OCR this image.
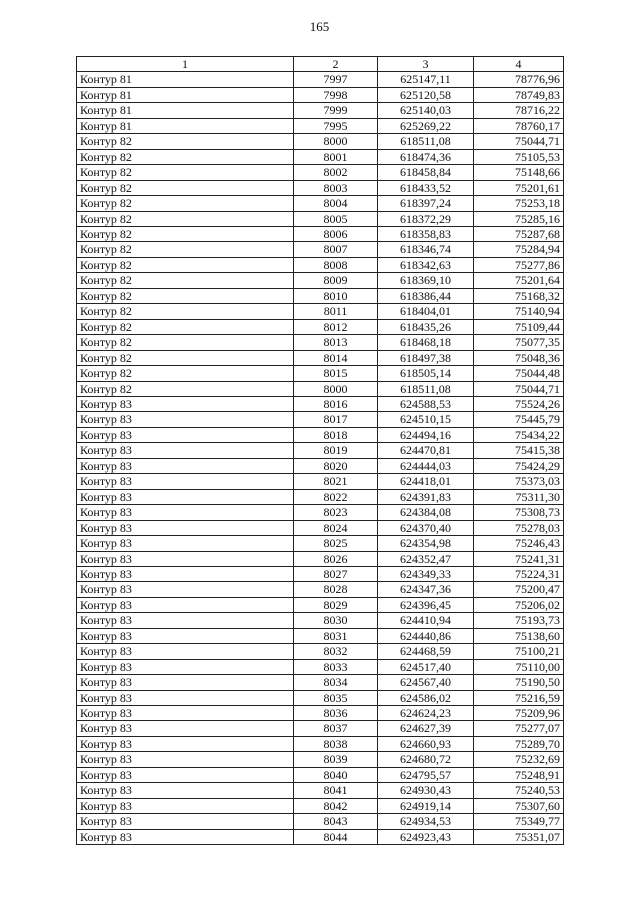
165
1	2	3	4
Контур 81	7997	625147,11	78776,96
Контур 81	7998	625120,58	78749,83
Контур 81	7999	625140,03	78716,22
Контур 81	7995	625269,22	78760,17
Контур 82	8000	618511,08	75044,71
Контур 82	8001	618474,36	75105,53
Контур 82	8002	618458,84	75148,66
Контур 82	8003	618433,52	75201,61
Контур 82	8004	618397,24	75253,18
Контур 82	8005	618372,29	75285,16
Контур 82	8006	618358,83	75287,68
Контур 82	8007	618346,74	75284,94
Контур 82	8008	618342,63	75277,86
Контур 82	8009	618369,10	75201,64
Контур 82	8010	618386,44	75168,32
Контур 82	8011	618404,01	75140,94
Контур 82	8012	618435,26	75109,44
Контур 82	8013	618468,18	75077,35
Контур 82	8014	618497,38	75048,36
Контур 82	8015	618505,14	75044,48
Контур 82	8000	618511,08	75044,71
Контур 83	8016	624588,53	75524,26
Контур 83	8017	624510,15	75445,79
Контур 83	8018	624494,16	75434,22
Контур 83	8019	624470,81	75415,38
Контур 83	8020	624444,03	75424,29
Контур 83	8021	624418,01	75373,03
Контур 83	8022	624391,83	75311,30
Контур 83	8023	624384,08	75308,73
Контур 83	8024	624370,40	75278,03
Контур 83	8025	624354,98	75246,43
Контур 83	8026	624352,47	75241,31
Контур 83	8027	624349,33	75224,31
Контур 83	8028	624347,36	75200,47
Контур 83	8029	624396,45	75206,02
Контур 83	8030	624410,94	75193,73
Контур 83	8031	624440,86	75138,60
Контур 83	8032	624468,59	75100,21
Контур 83	8033	624517,40	75110,00
Контур 83	8034	624567,40	75190,50
Контур 83	8035	624586,02	75216,59
Контур 83	8036	624624,23	75209,96
Контур 83	8037	624627,39	75277,07
Контур 83	8038	624660,93	75289,70
Контур 83	8039	624680,72	75232,69
Контур 83	8040	624795,57	75248,91
Контур 83	8041	624930,43	75240,53
Контур 83	8042	624919,14	75307,60
Контур 83	8043	624934,53	75349,77
Контур 83	8044	624923,43	75351,07
